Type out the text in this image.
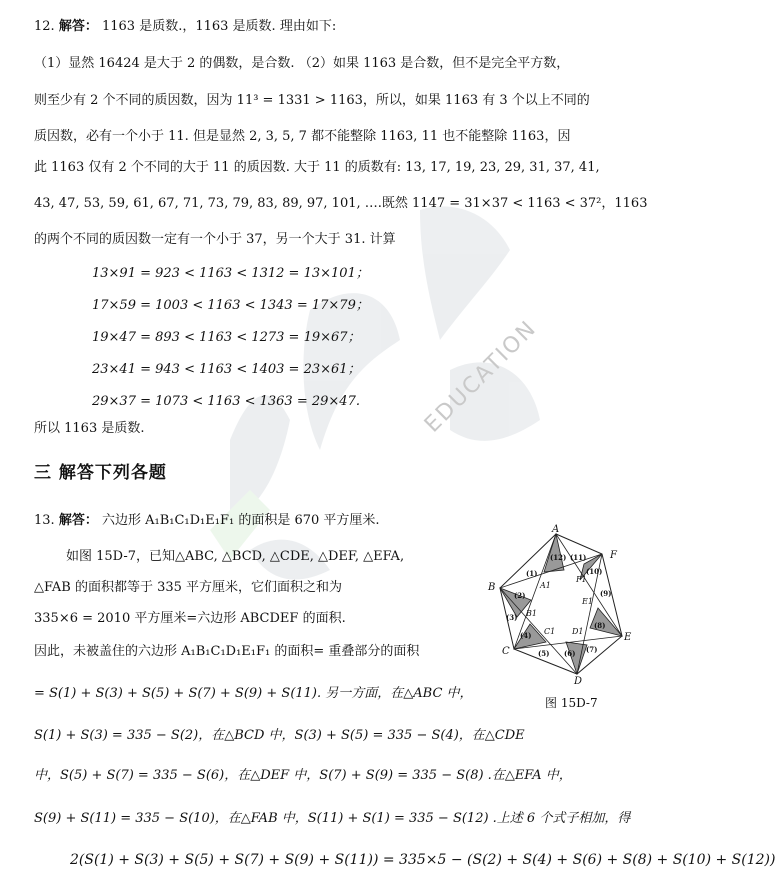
EDUCATION
12. 解答： 1163 是质数.，1163 是质数. 理由如下:
（1）显然 16424 是大于 2 的偶数，是合数. （2）如果 1163 是合数，但不是完全平方数，
则至少有 2 个不同的质因数，因为 11³ = 1331 > 1163，所以，如果 1163 有 3 个以上不同的
质因数，必有一个小于 11. 但是显然 2, 3, 5, 7 都不能整除 1163, 11 也不能整除 1163，因
此 1163 仅有 2 个不同的大于 11 的质因数. 大于 11 的质数有: 13, 17, 19, 23, 29, 31, 37, 41,
43, 47, 53, 59, 61, 67, 71, 73, 79, 83, 89, 97, 101, ….既然 1147 = 31×37 < 1163 < 37²，1163
的两个不同的质因数一定有一个小于 37，另一个大于 31. 计算
13×91 = 923 < 1163 < 1312 = 13×101；
17×59 = 1003 < 1163 < 1343 = 17×79；
19×47 = 893 < 1163 < 1273 = 19×67；
23×41 = 943 < 1163 < 1403 = 23×61；
29×37 = 1073 < 1163 < 1363 = 29×47.
所以 1163 是质数.
三 解答下列各题
13. 解答： 六边形 A₁B₁C₁D₁E₁F₁ 的面积是 670 平方厘米.
如图 15D-7，已知△ABC, △BCD, △CDE, △DEF, △EFA,
△FAB 的面积都等于 335 平方厘米，它们面积之和为
335×6 = 2010 平方厘米=六边形 ABCDEF 的面积.
因此，未被盖住的六边形 A₁B₁C₁D₁E₁F₁ 的面积= 重叠部分的面积
= S(1) + S(3) + S(5) + S(7) + S(9) + S(11). 另一方面，在△ABC 中，
S(1) + S(3) = 335 − S(2)，在△BCD 中，S(3) + S(5) = 335 − S(4)，在△CDE
中，S(5) + S(7) = 335 − S(6)，在△DEF 中，S(7) + S(9) = 335 − S(8) .在△EFA 中，
S(9) + S(11) = 335 − S(10)，在△FAB 中，S(11) + S(1) = 335 − S(12) .上述 6 个式子相加，得
2(S(1) + S(3) + S(5) + S(7) + S(9) + S(11)) = 335×5 − (S(2) + S(4) + S(6) + S(8) + S(10) + S(12))
A
B
C
D
E
F
A1
B1
C1 D1
E1
F1
(1)
(2)
(3)
(4)
(5) (6) (7)
(8)
(9)
(10)
(11)
(12)
图 15D-7
